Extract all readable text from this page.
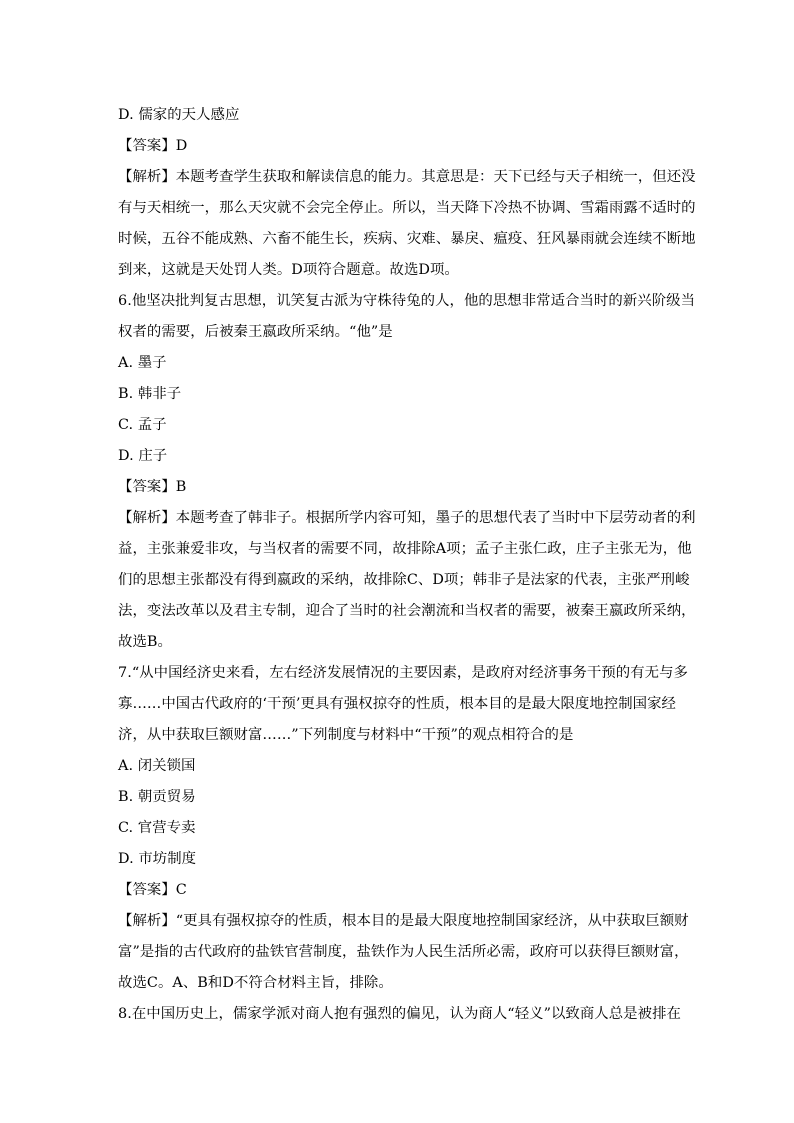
D. 儒家的天人感应
【答案】D
【解析】本题考查学生获取和解读信息的能力。其意思是：天下已经与天子相统一，但还没
有与天相统一，那么天灾就不会完全停止。所以，当天降下冷热不协调、雪霜雨露不适时的
时候，五谷不能成熟、六畜不能生长，疾病、灾难、暴戾、瘟疫、狂风暴雨就会连续不断地
到来，这就是天处罚人类。D项符合题意。故选D项。
6.他坚决批判复古思想，讥笑复古派为守株待兔的人，他的思想非常适合当时的新兴阶级当
权者的需要，后被秦王嬴政所采纳。“他”是
A. 墨子
B. 韩非子
C. 孟子
D. 庄子
【答案】B
【解析】本题考查了韩非子。根据所学内容可知，墨子的思想代表了当时中下层劳动者的利
益，主张兼爱非攻，与当权者的需要不同，故排除A项；孟子主张仁政，庄子主张无为，他
们的思想主张都没有得到嬴政的采纳，故排除C、D项；韩非子是法家的代表，主张严刑峻
法，变法改革以及君主专制，迎合了当时的社会潮流和当权者的需要，被秦王嬴政所采纳，
故选B。
7.“从中国经济史来看，左右经济发展情况的主要因素，是政府对经济事务干预的有无与多
寡……中国古代政府的‘干预’更具有强权掠夺的性质，根本目的是最大限度地控制国家经
济，从中获取巨额财富……”下列制度与材料中“干预”的观点相符合的是
A. 闭关锁国
B. 朝贡贸易
C. 官营专卖
D. 市坊制度
【答案】C
【解析】“更具有强权掠夺的性质，根本目的是最大限度地控制国家经济，从中获取巨额财
富”是指的古代政府的盐铁官营制度，盐铁作为人民生活所必需，政府可以获得巨额财富，
故选C。A、B和D不符合材料主旨，排除。
8.在中国历史上，儒家学派对商人抱有强烈的偏见，认为商人“轻义”以致商人总是被排在
